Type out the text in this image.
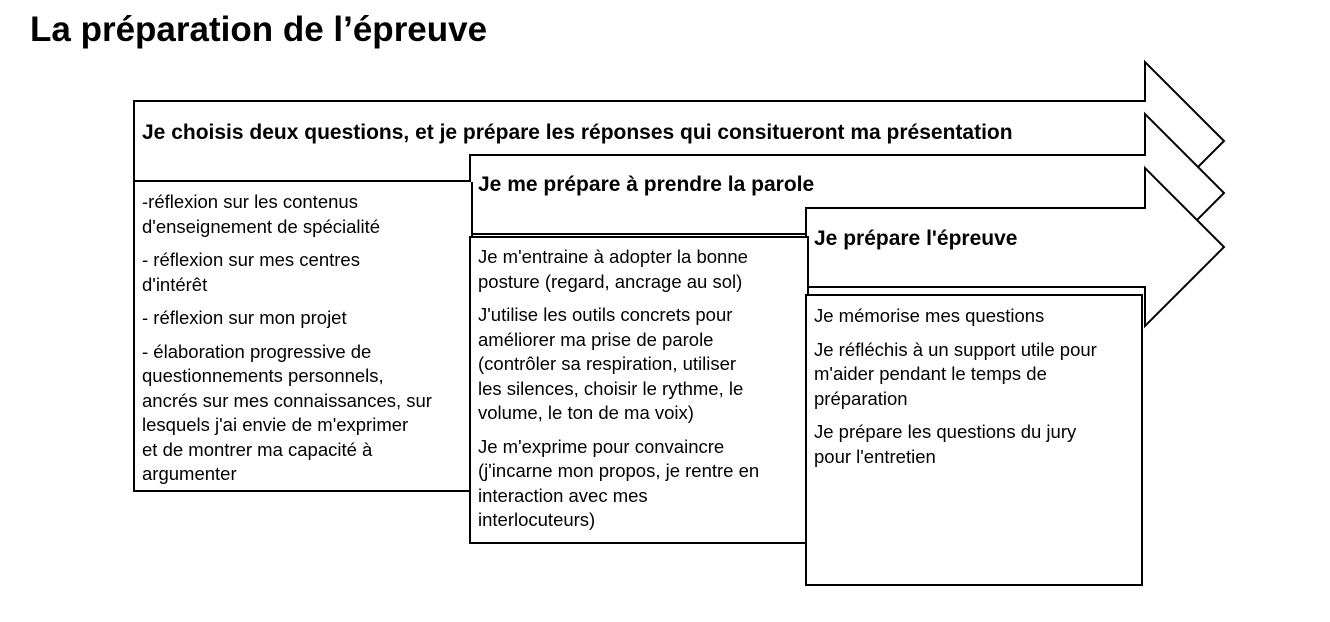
La préparation de l’épreuve
Je choisis deux questions, et je prépare les réponses qui consitueront ma présentation
-réflexion sur les contenus
d'enseignement de spécialité
- réflexion sur mes centres
d'intérêt
- réflexion sur mon projet
- élaboration progressive de
questionnements personnels,
ancrés sur mes connaissances, sur
lesquels j'ai envie de m'exprimer
et de montrer ma capacité à
argumenter
Je me prépare à prendre la parole
Je m'entraine à adopter la bonne
posture (regard, ancrage au sol)
J'utilise les outils concrets pour
améliorer ma prise de parole
(contrôler sa respiration, utiliser
les silences, choisir le rythme, le
volume, le ton de ma voix)
Je m'exprime pour convaincre
(j'incarne mon propos, je rentre en
interaction avec mes
interlocuteurs)
Je prépare l'épreuve
Je mémorise mes questions
Je réfléchis à un support utile pour
m'aider pendant le temps de
préparation
Je prépare les questions du jury
pour l'entretien
